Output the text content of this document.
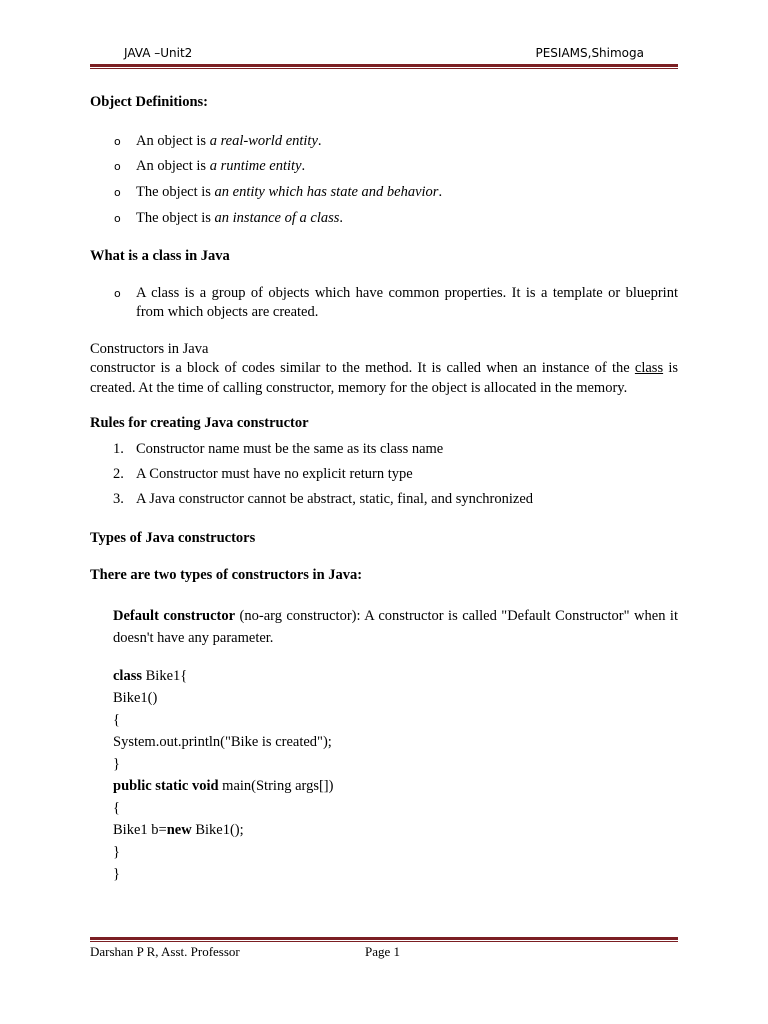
JAVA –Unit2	PESIAMS,Shimoga
Object Definitions:
o An object is a real-world entity.
o An object is a runtime entity.
o The object is an entity which has state and behavior.
o The object is an instance of a class.
What is a class in Java
o A class is a group of objects which have common properties. It is a template or blueprint from which objects are created.
Constructors in Java
constructor is a block of codes similar to the method. It is called when an instance of the class is created. At the time of calling constructor, memory for the object is allocated in the memory.
Rules for creating Java constructor
1. Constructor name must be the same as its class name
2. A Constructor must have no explicit return type
3. A Java constructor cannot be abstract, static, final, and synchronized
Types of Java constructors
There are two types of constructors in Java:
Default constructor (no-arg constructor): A constructor is called "Default Constructor" when it doesn't have any parameter.
class Bike1{
Bike1()
{
System.out.println("Bike is created");
}
public static void main(String args[])
{
Bike1 b=new Bike1();
}
}
Darshan P R, Asst. Professor	Page 1
